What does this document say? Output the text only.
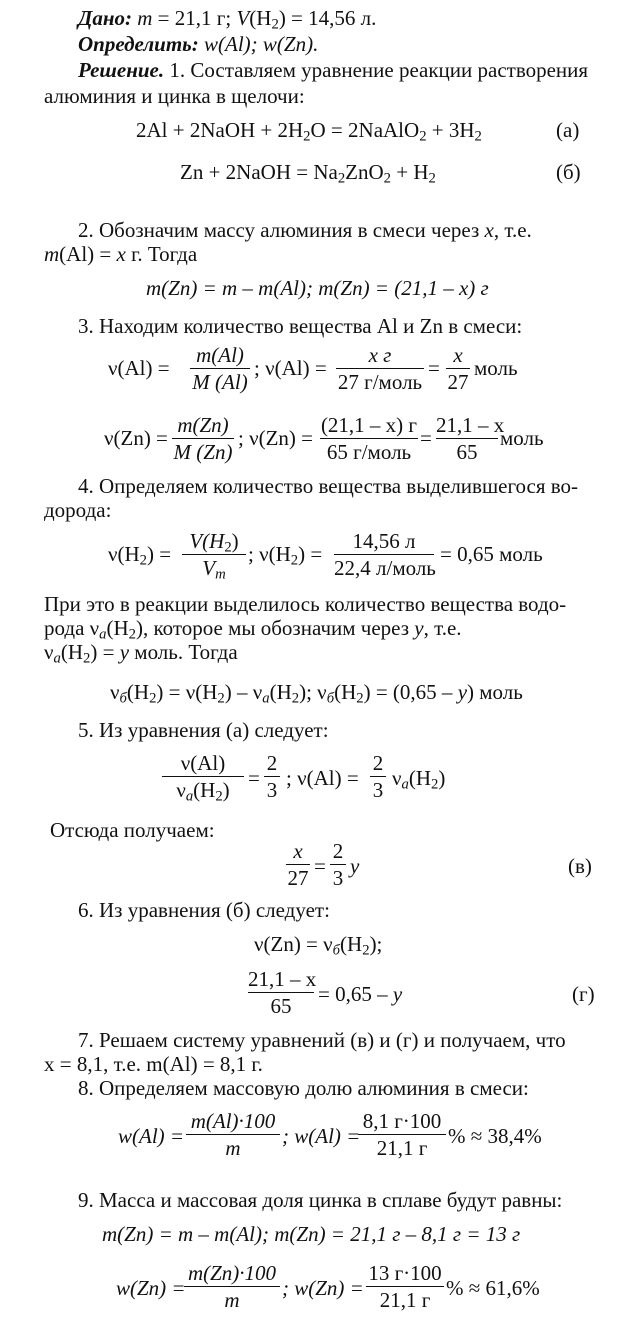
Дано: m = 21,1 г; $V(H_2) = 14,56$ л.
Определить: w(Al); w(Zn).
Решение. 1. Составляем уравнение реакции растворения
алюминия и цинка в щелочи:
2Al + 2NaOH + $2H_2O$ = 2NaAlO$_2$ + $3H_2$	(а)
Zn + 2NaOH = $Na_2ZnO_2 + H_2$	(б)
2. Обозначим массу алюминия в смеси через x, т.е.
m(Al) = x г. Тогда
m(Zn) = m – m(Al); m(Zn) = (21,1 – x) г
3. Находим количество вещества Al и Zn в смеси:
ν(Al) =
m(Al)
M (Al)
; ν(Al) =
x г
27 г/моль
=
x
27
моль
ν(Zn) =
m(Zn)
M (Zn)
; ν(Zn) =
(21,1 – x) г
65 г/моль
=
21,1 – x
65
моль
4. Определяем количество вещества выделившегося во-
дорода:
$\nu(H_2)$ =
$V(H_2)$
$V_m$
; $\nu(H_2)$ =
14,56 л
22,4 л/моль
= 0,65 моль
При это в реакции выделилось количество вещества водо-
рода $\nu_а(H_2)$, которое мы обозначим через y, т.е.
$\nu_a(H_2) = y$ моль. Тогда
$\nu_б(H_2) = \nu(H_2) - \nu_a(H_2)$; $\nu_б(H_2) = (0,65 - y)$ моль
5. Из уравнения (а) следует:
ν(Al)
$\nu_a(H_2)$ =
2
3 ; ν(Al) =
2
3 $\nu_a(H_2)$
Отсюда получаем:
x
27 =
2
3 y	(в)
6. Из уравнения (б) следует:
$\nu(Zn) = \nu_б(H_2)$;
21,1 – x
65	= 0,65 – y	(г)
7. Решаем систему уравнений (в) и (г) и получаем, что
x = 8,1, т.е. m(Al) = 8,1 г.
8. Определяем массовую долю алюминия в смеси:
w(Al) =
m(Al)·100
m	; w(Al) =
8,1 г·100
21,1 г % ≈ 38,4%
9. Масса и массовая доля цинка в сплаве будут равны:
m(Zn) = m – m(Al); m(Zn) = 21,1 г – 8,1 г = 13 г
w(Zn) =
m(Zn)·100
m	; w(Zn) =
13 г·100
21,1 г % ≈ 61,6%
